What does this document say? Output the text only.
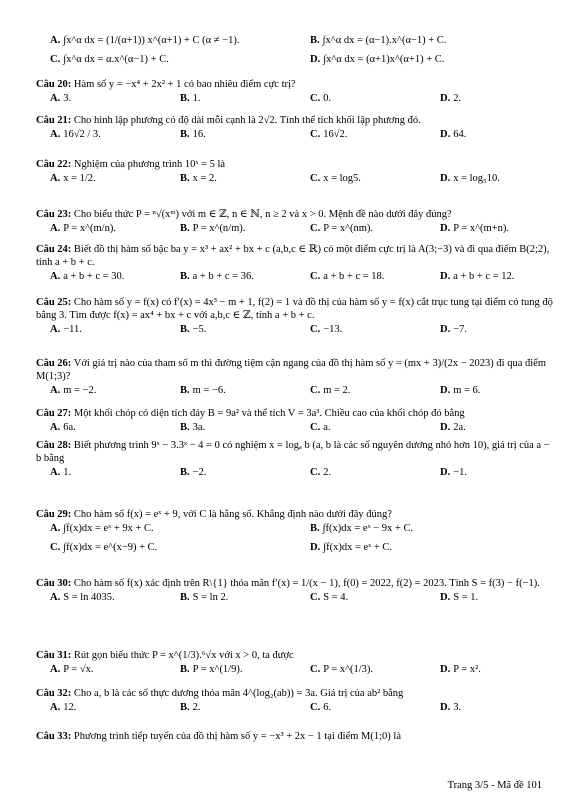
A. ∫x^α dx = (1/(α+1)) x^(α+1) + C (α ≠ −1).	B. ∫x^α dx = (α−1).x^(α−1) + C.
C. ∫x^α dx = α.x^(α−1) + C.	D. ∫x^α dx = (α+1)x^(α+1) + C.
Câu 20: Hàm số y = −x⁴ + 2x² + 1 có bao nhiêu điểm cực trị?
A. 3.	B. 1.	C. 0.	D. 2.
Câu 21: Cho hình lập phương có độ dài mỗi cạnh là 2√2. Tính thể tích khối lập phương đó.
A. 16√2 / 3.	B. 16.	C. 16√2.	D. 64.
Câu 22: Nghiệm của phương trình 10ˣ = 5 là
A. x = 1/2.	B. x = 2.	C. x = log5.	D. x = log₅10.
Câu 23: Cho biểu thức P = ⁿ√(xᵐ) với m ∈ ℤ, n ∈ ℕ, n ≥ 2 và x > 0. Mệnh đề nào dưới đây đúng?
A. P = x^(m/n).	B. P = x^(n/m).	C. P = x^(nm).	D. P = x^(m+n).
Câu 24: Biết đồ thị hàm số bậc ba y = x³ + ax² + bx + c (a,b,c ∈ ℝ) có một điểm cực trị là A(3;−3) và đi qua điểm B(2;2), tính a + b + c.
A. a + b + c = 30.	B. a + b + c = 36.	C. a + b + c = 18.	D. a + b + c = 12.
Câu 25: Cho hàm số y = f(x) có f′(x) = 4x³ − m + 1, f(2) = 1 và đồ thị của hàm số y = f(x) cắt trục tung tại điểm có tung độ bằng 3. Tìm được f(x) = ax⁴ + bx + c với a,b,c ∈ ℤ, tính a + b + c.
A. −11.	B. −5.	C. −13.	D. −7.
Câu 26: Với giá trị nào của tham số m thì đường tiệm cận ngang của đồ thị hàm số y = (mx + 3)/(2x − 2023) đi qua điểm M(1;3)?
A. m = −2.	B. m = −6.	C. m = 2.	D. m = 6.
Câu 27: Một khối chóp có diện tích đáy B = 9a² và thể tích V = 3a³. Chiều cao của khối chóp đó bằng
A. 6a.	B. 3a.	C. a.	D. 2a.
Câu 28: Biết phương trình 9ˣ − 3.3ˣ − 4 = 0 có nghiệm x = logₐ b (a, b là các số nguyên dương nhỏ hơn 10), giá trị của a − b bằng
A. 1.	B. −2.	C. 2.	D. −1.
Câu 29: Cho hàm số f(x) = eˣ + 9, với C là hằng số. Khẳng định nào dưới đây đúng?
A. ∫f(x)dx = eˣ + 9x + C.	B. ∫f(x)dx = eˣ − 9x + C.
C. ∫f(x)dx = e^(x−9) + C.	D. ∫f(x)dx = eˣ + C.
Câu 30: Cho hàm số f(x) xác định trên R\{1} thỏa mãn f′(x) = 1/(x − 1), f(0) = 2022, f(2) = 2023. Tính S = f(3) − f(−1).
A. S = ln 4035.	B. S = ln 2.	C. S = 4.	D. S = 1.
Câu 31: Rút gọn biểu thức P = x^(1/3).⁶√x với x > 0, ta được
A. P = √x.	B. P = x^(1/9).	C. P = x^(1/3).	D. P = x².
Câu 32: Cho a, b là các số thực dương thỏa mãn 4^(log₂(ab)) = 3a. Giá trị của ab² bằng
A. 12.	B. 2.	C. 6.	D. 3.
Câu 33: Phương trình tiếp tuyến của đồ thị hàm số y = −x³ + 2x − 1 tại điểm M(1;0) là
Trang 3/5 - Mã đề 101
